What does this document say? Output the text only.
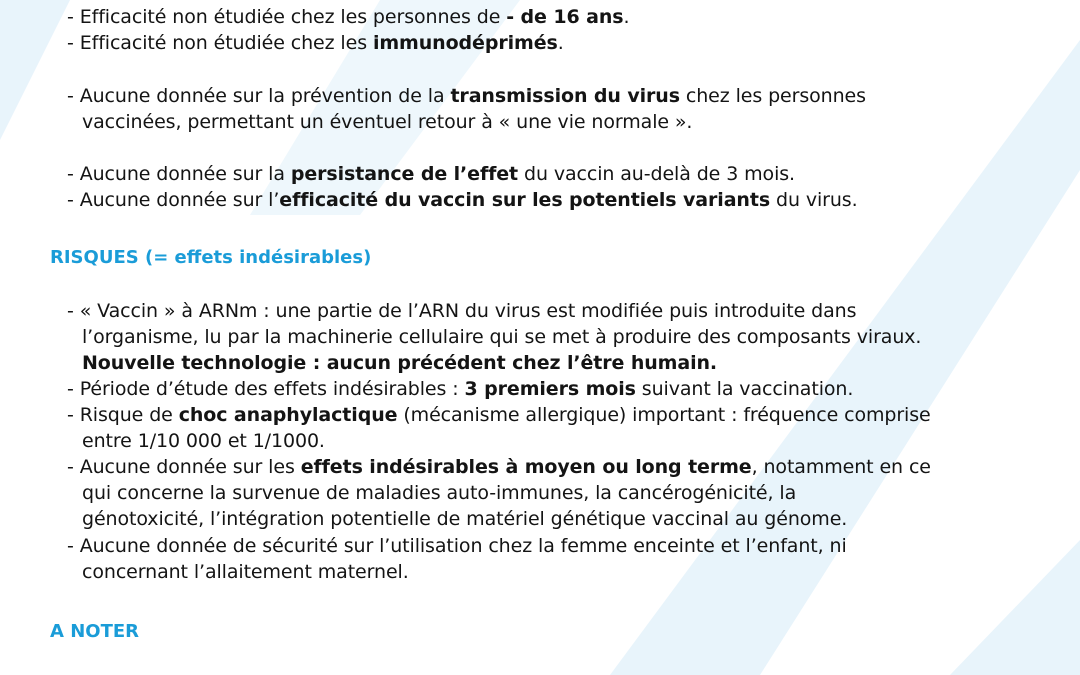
- Efficacité non étudiée chez les personnes de - de 16 ans.
- Efficacité non étudiée chez les immunodéprimés.
- Aucune donnée sur la prévention de la transmission du virus chez les personnes
vaccinées, permettant un éventuel retour à « une vie normale ».
- Aucune donnée sur la persistance de l’effet du vaccin au-delà de 3 mois.
- Aucune donnée sur l’efficacité du vaccin sur les potentiels variants du virus.
RISQUES (= effets indésirables)
- « Vaccin » à ARNm : une partie de l’ARN du virus est modifiée puis introduite dans
l’organisme, lu par la machinerie cellulaire qui se met à produire des composants viraux.
Nouvelle technologie : aucun précédent chez l’être humain.
- Période d’étude des effets indésirables : 3 premiers mois suivant la vaccination.
- Risque de choc anaphylactique (mécanisme allergique) important : fréquence comprise
entre 1/10 000 et 1/1000.
- Aucune donnée sur les effets indésirables à moyen ou long terme, notamment en ce
qui concerne la survenue de maladies auto-immunes, la cancérogénicité, la
génotoxicité, l’intégration potentielle de matériel génétique vaccinal au génome.
- Aucune donnée de sécurité sur l’utilisation chez la femme enceinte et l’enfant, ni
concernant l’allaitement maternel.
A NOTER
